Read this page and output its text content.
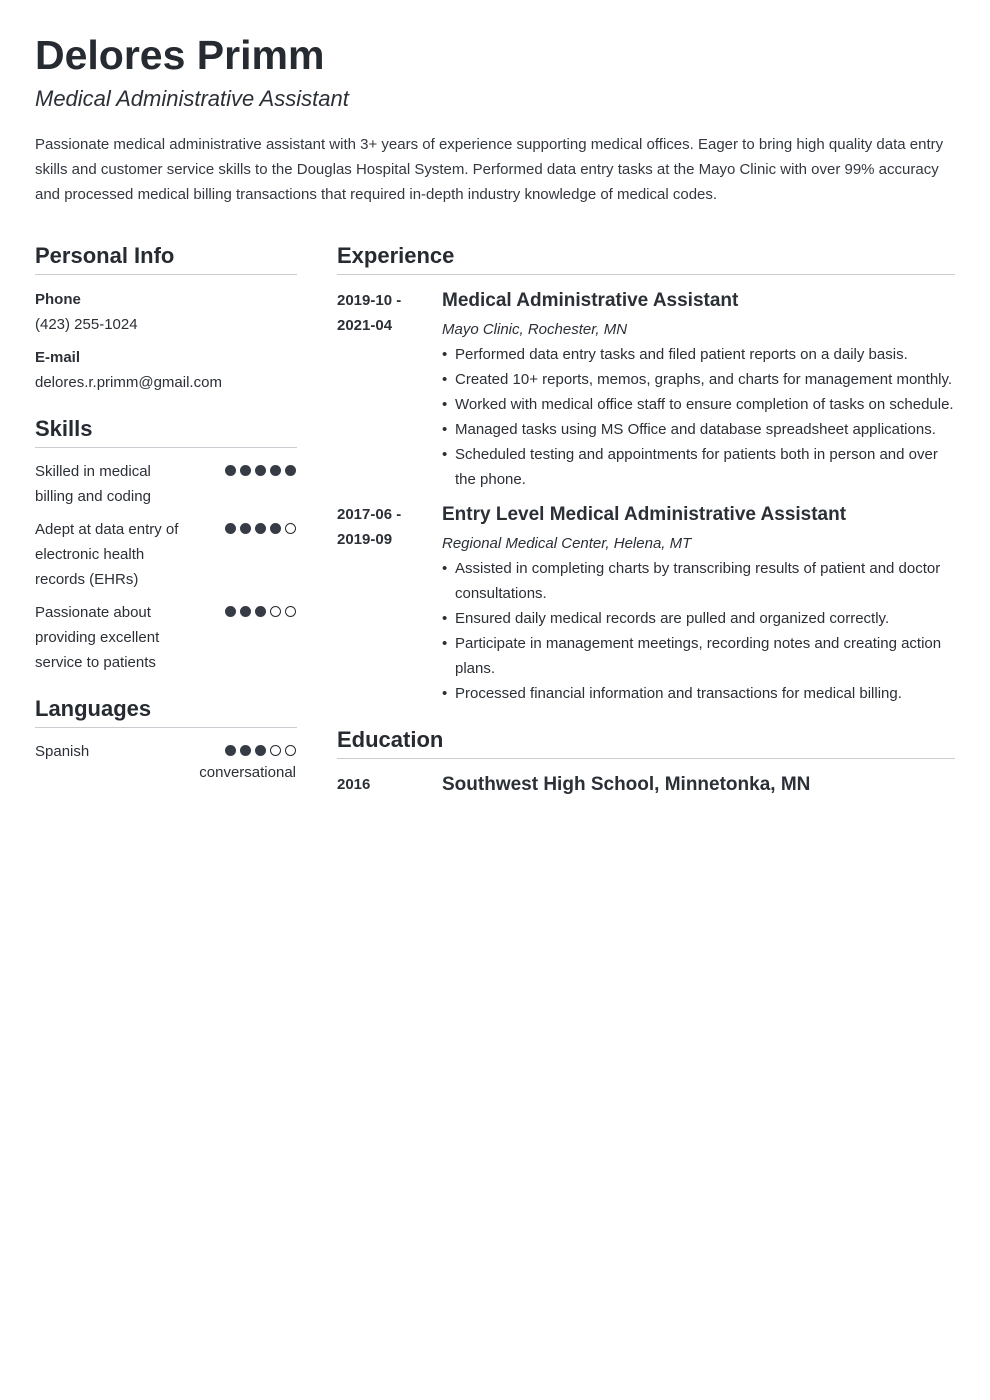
Delores Primm
Medical Administrative Assistant
Passionate medical administrative assistant with 3+ years of experience supporting medical offices. Eager to bring high quality data entry skills and customer service skills to the Douglas Hospital System. Performed data entry tasks at the Mayo Clinic with over 99% accuracy and processed medical billing transactions that required in-depth industry knowledge of medical codes.
Personal Info
Phone
(423) 255-1024
E-mail
delores.r.primm@gmail.com
Skills
Skilled in medical billing and coding
Adept at data entry of electronic health records (EHRs)
Passionate about providing excellent service to patients
Languages
Spanish
conversational
Experience
2019-10 -
2021-04
Medical Administrative Assistant
Mayo Clinic, Rochester, MN
• Performed data entry tasks and filed patient reports on a daily basis.
• Created 10+ reports, memos, graphs, and charts for management monthly.
• Worked with medical office staff to ensure completion of tasks on schedule.
• Managed tasks using MS Office and database spreadsheet applications.
• Scheduled testing and appointments for patients both in person and over the phone.
2017-06 -
2019-09
Entry Level Medical Administrative Assistant
Regional Medical Center, Helena, MT
• Assisted in completing charts by transcribing results of patient and doctor consultations.
• Ensured daily medical records are pulled and organized correctly.
• Participate in management meetings, recording notes and creating action plans.
• Processed financial information and transactions for medical billing.
Education
2016	Southwest High School, Minnetonka, MN
